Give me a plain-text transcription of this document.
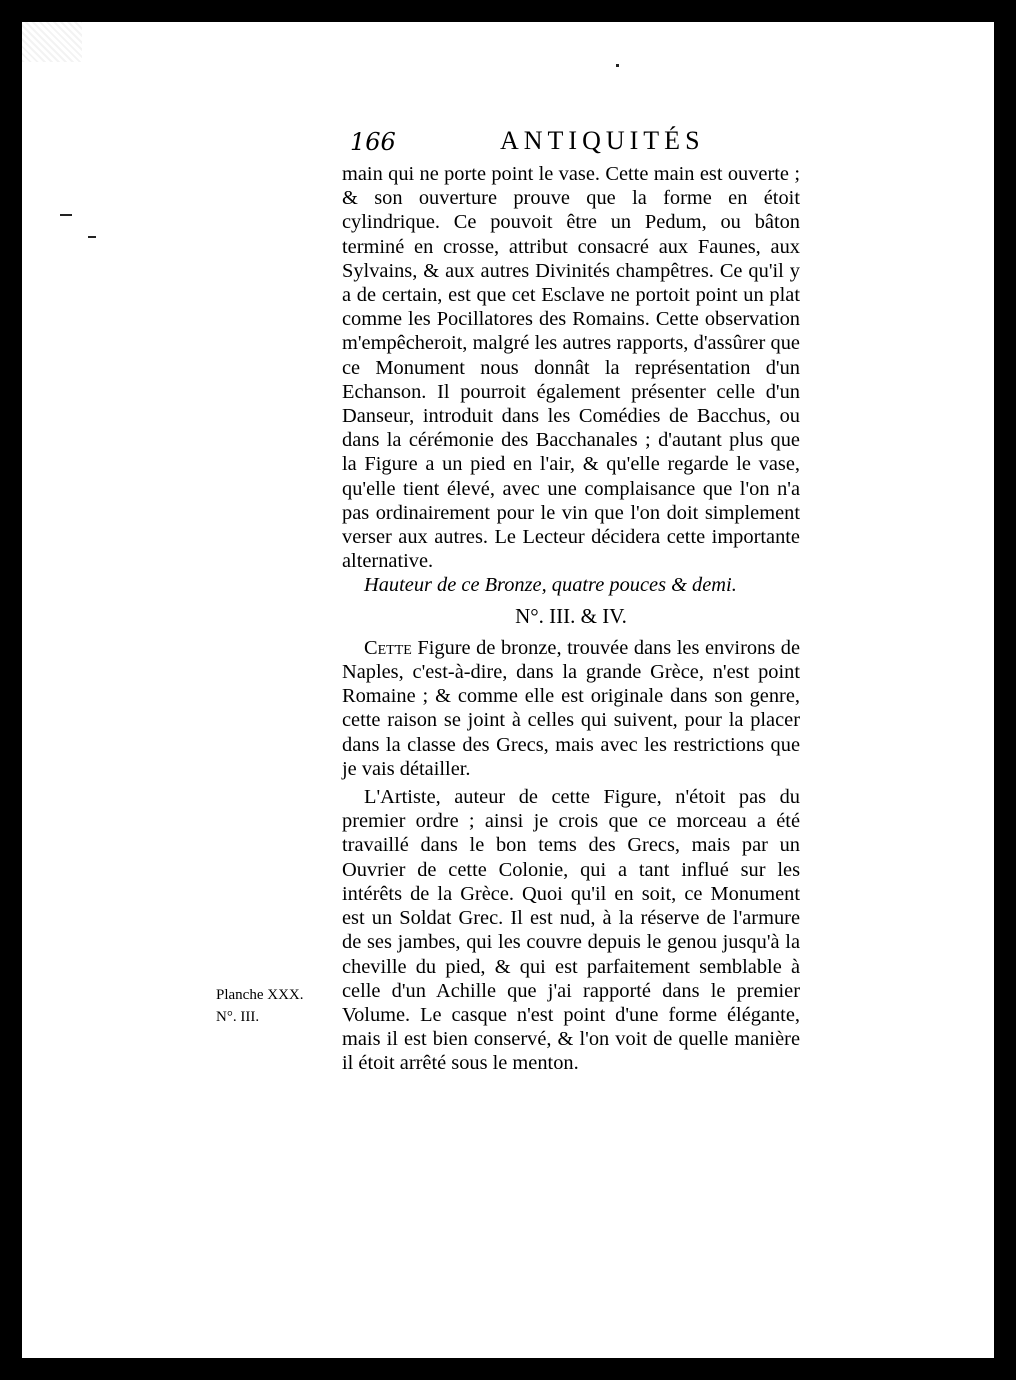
166	ANTIQUITÉS

main qui ne porte point le vase. Cette main est ouverte ; & son ouverture prouve que la forme en étoit cylindrique. Ce pouvoit être un Pedum, ou bâton terminé en crosse, attribut consacré aux Faunes, aux Sylvains, & aux autres Divinités champêtres. Ce qu'il y a de certain, est que cet Esclave ne portoit point un plat comme les Pocillatores des Romains. Cette observation m'empêcheroit, malgré les autres rapports, d'assûrer que ce Monument nous donnât la représentation d'un Echanson. Il pourroit également présenter celle d'un Danseur, introduit dans les Comédies de Bacchus, ou dans la cérémonie des Bacchanales ; d'autant plus que la Figure a un pied en l'air, & qu'elle regarde le vase, qu'elle tient élevé, avec une complaisance que l'on n'a pas ordinairement pour le vin que l'on doit simplement verser aux autres. Le Lecteur décidera cette importante alternative.

Hauteur de ce Bronze, quatre pouces & demi.

N°. III. & IV.

Cette Figure de bronze, trouvée dans les environs de Naples, c'est-à-dire, dans la grande Grèce, n'est point Romaine ; & comme elle est originale dans son genre, cette raison se joint à celles qui suivent, pour la placer dans la classe des Grecs, mais avec les restrictions que je vais détailler.

L'Artiste, auteur de cette Figure, n'étoit pas du premier ordre ; ainsi je crois que ce morceau a été travaillé dans le bon tems des Grecs, mais par un Ouvrier de cette Colonie, qui a tant influé sur les intérêts de la Grèce. Quoi qu'il en soit, ce Monument est un Soldat Grec. Il est nud, à la réserve de l'armure de ses jambes, qui les couvre depuis le genou jusqu'à la cheville du pied, & qui est parfaitement semblable à celle d'un Achille que j'ai rapporté dans le premier Volume. Le casque n'est point d'une forme élégante, mais il est bien conservé, & l'on voit de quelle manière il étoit arrêté sous le menton.

Planche XXX.
N°. III.
